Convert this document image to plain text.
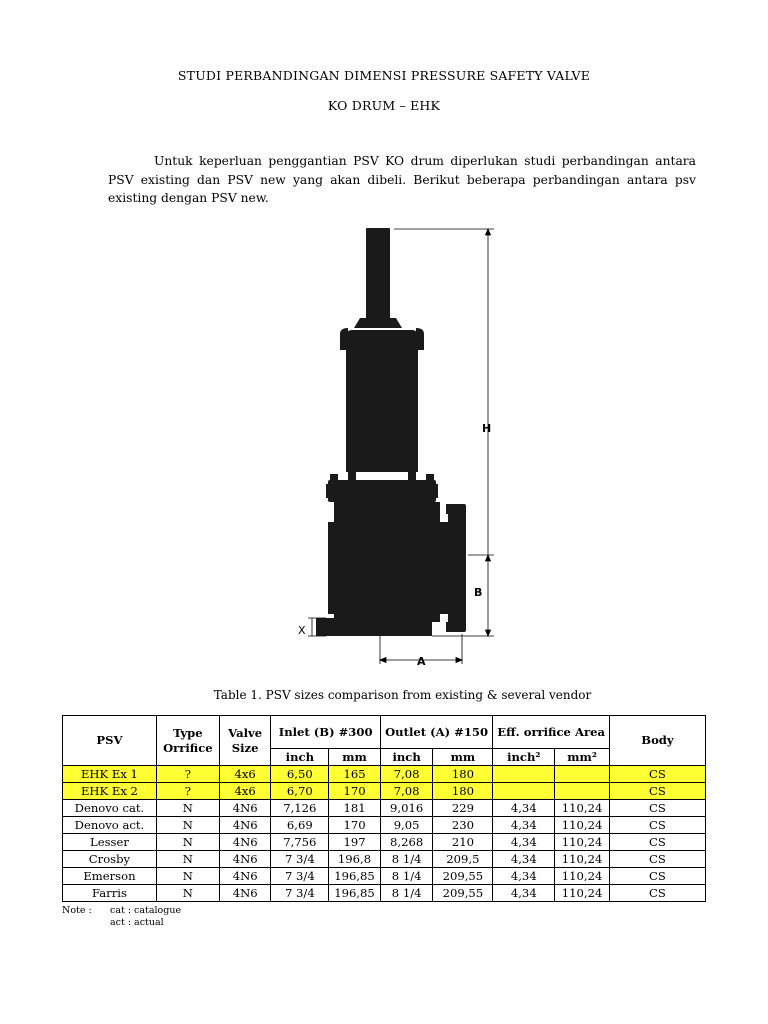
STUDI PERBANDINGAN DIMENSI PRESSURE SAFETY VALVE
KO DRUM – EHK
Untuk keperluan penggantian PSV KO drum diperlukan studi perbandingan antara PSV existing dan PSV new yang akan dibeli. Berikut beberapa perbandingan antara psv existing dengan PSV new.
H
B
X
A
Table 1. PSV sizes comparison from existing & several vendor
PSV	Type Orrifice	Valve Size	Inlet (B) #300		Outlet (A) #150		Eff. orrifice Area		Body
			inch	mm	inch	mm	inch²	mm²	
EHK Ex 1	?	4x6	6,50	165	7,08	180			CS
EHK Ex 2	?	4x6	6,70	170	7,08	180			CS
Denovo cat.	N	4N6	7,126	181	9,016	229	4,34	110,24	CS
Denovo act.	N	4N6	6,69	170	9,05	230	4,34	110,24	CS
Lesser	N	4N6	7,756	197	8,268	210	4,34	110,24	CS
Crosby	N	4N6	7 3/4	196,8	8 1/4	209,5	4,34	110,24	CS
Emerson	N	4N6	7 3/4	196,85	8 1/4	209,55	4,34	110,24	CS
Farris	N	4N6	7 3/4	196,85	8 1/4	209,55	4,34	110,24	CS
Note : cat : catalogue
act : actual
